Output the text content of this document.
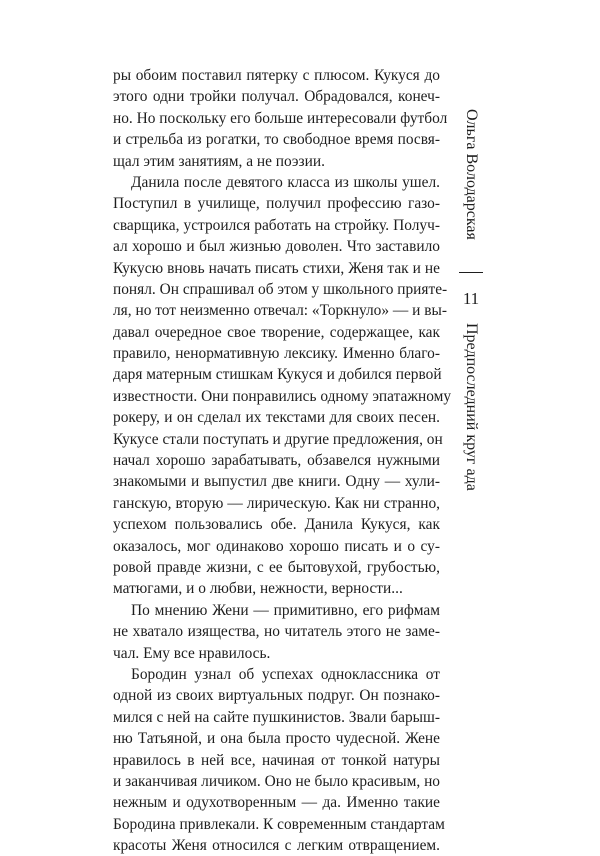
ры обоим поставил пятерку с плюсом. Кукуся до
этого одни тройки получал. Обрадовался, конеч-
но. Но поскольку его больше интересовали футбол
и стрельба из рогатки, то свободное время посвя-
щал этим занятиям, а не поэзии.
Данила после девятого класса из школы ушел.
Поступил в училище, получил профессию газо-
сварщика, устроился работать на стройку. Получ-
ал хорошо и был жизнью доволен. Что заставило
Кукусю вновь начать писать стихи, Женя так и не
понял. Он спрашивал об этом у школьного прияте-
ля, но тот неизменно отвечал: «Торкнуло» — и вы-
давал очередное свое творение, содержащее, как
правило, ненормативную лексику. Именно благо-
даря матерным стишкам Кукуся и добился первой
известности. Они понравились одному эпатажному
рокеру, и он сделал их текстами для своих песен.
Кукусе стали поступать и другие предложения, он
начал хорошо зарабатывать, обзавелся нужными
знакомыми и выпустил две книги. Одну — хули-
ганскую, вторую — лирическую. Как ни странно,
успехом пользовались обе. Данила Кукуся, как
оказалось, мог одинаково хорошо писать и о су-
ровой правде жизни, с ее бытовухой, грубостью,
матюгами, и о любви, нежности, верности...
По мнению Жени — примитивно, его рифмам
не хватало изящества, но читатель этого не заме-
чал. Ему все нравилось.
Бородин узнал об успехах одноклассника от
одной из своих виртуальных подруг. Он познако-
мился с ней на сайте пушкинистов. Звали барыш-
ню Татьяной, и она была просто чудесной. Жене
нравилось в ней все, начиная от тонкой натуры
и заканчивая личиком. Оно не было красивым, но
нежным и одухотворенным — да. Именно такие
Бородина привлекали. К современным стандартам
красоты Женя относился с легким отвращением.
Ольга Володарская
11
Предпоследний круг ада
